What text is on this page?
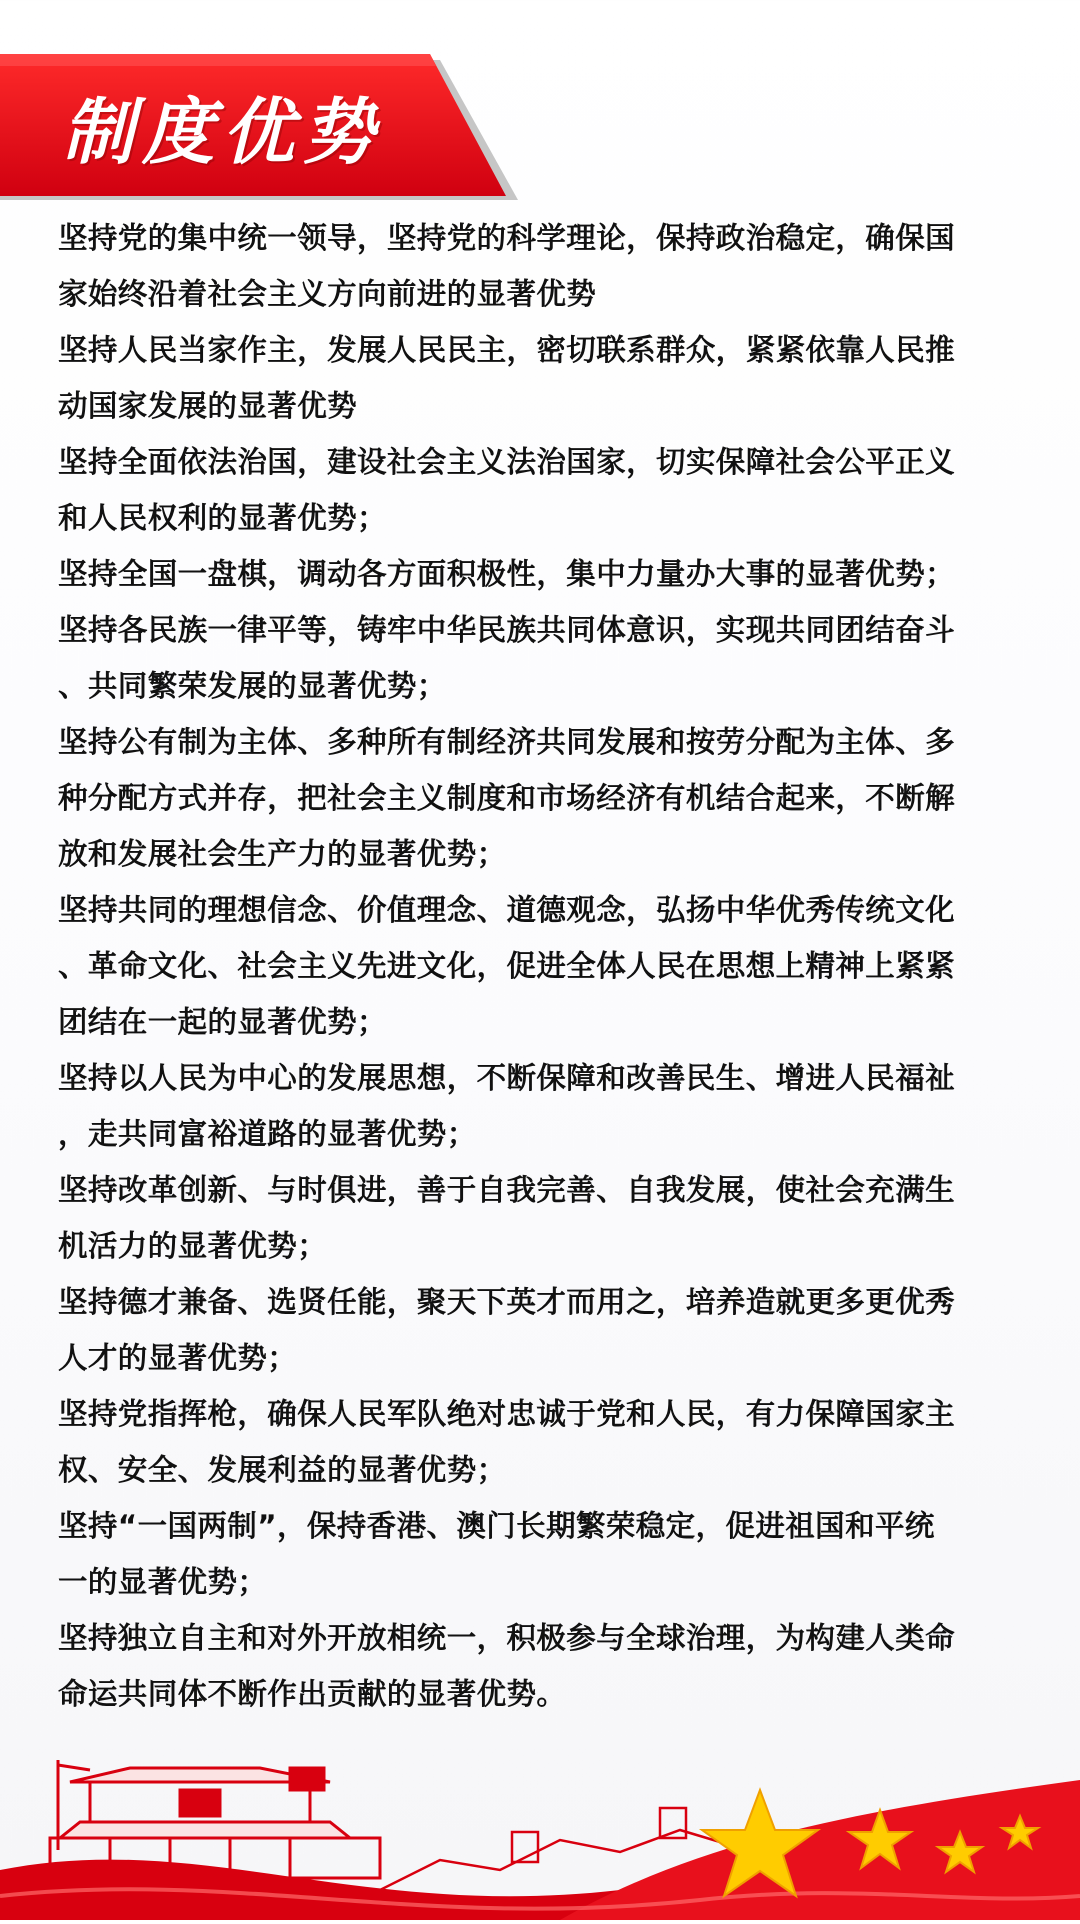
制度优势
坚持党的集中统一领导，坚持党的科学理论，保持政治稳定，确保国
家始终沿着社会主义方向前进的显著优势
坚持人民当家作主，发展人民民主，密切联系群众，紧紧依靠人民推
动国家发展的显著优势
坚持全面依法治国，建设社会主义法治国家，切实保障社会公平正义
和人民权利的显著优势；
坚持全国一盘棋，调动各方面积极性，集中力量办大事的显著优势；
坚持各民族一律平等，铸牢中华民族共同体意识，实现共同团结奋斗
、共同繁荣发展的显著优势；
坚持公有制为主体、多种所有制经济共同发展和按劳分配为主体、多
种分配方式并存，把社会主义制度和市场经济有机结合起来，不断解
放和发展社会生产力的显著优势；
坚持共同的理想信念、价值理念、道德观念，弘扬中华优秀传统文化
、革命文化、社会主义先进文化，促进全体人民在思想上精神上紧紧
团结在一起的显著优势；
坚持以人民为中心的发展思想，不断保障和改善民生、增进人民福祉
，走共同富裕道路的显著优势；
坚持改革创新、与时俱进，善于自我完善、自我发展，使社会充满生
机活力的显著优势；
坚持德才兼备、选贤任能，聚天下英才而用之，培养造就更多更优秀
人才的显著优势；
坚持党指挥枪，确保人民军队绝对忠诚于党和人民，有力保障国家主
权、安全、发展利益的显著优势；
坚持“一国两制”，保持香港、澳门长期繁荣稳定，促进祖国和平统
一的显著优势；
坚持独立自主和对外开放相统一，积极参与全球治理，为构建人类命
命运共同体不断作出贡献的显著优势。
